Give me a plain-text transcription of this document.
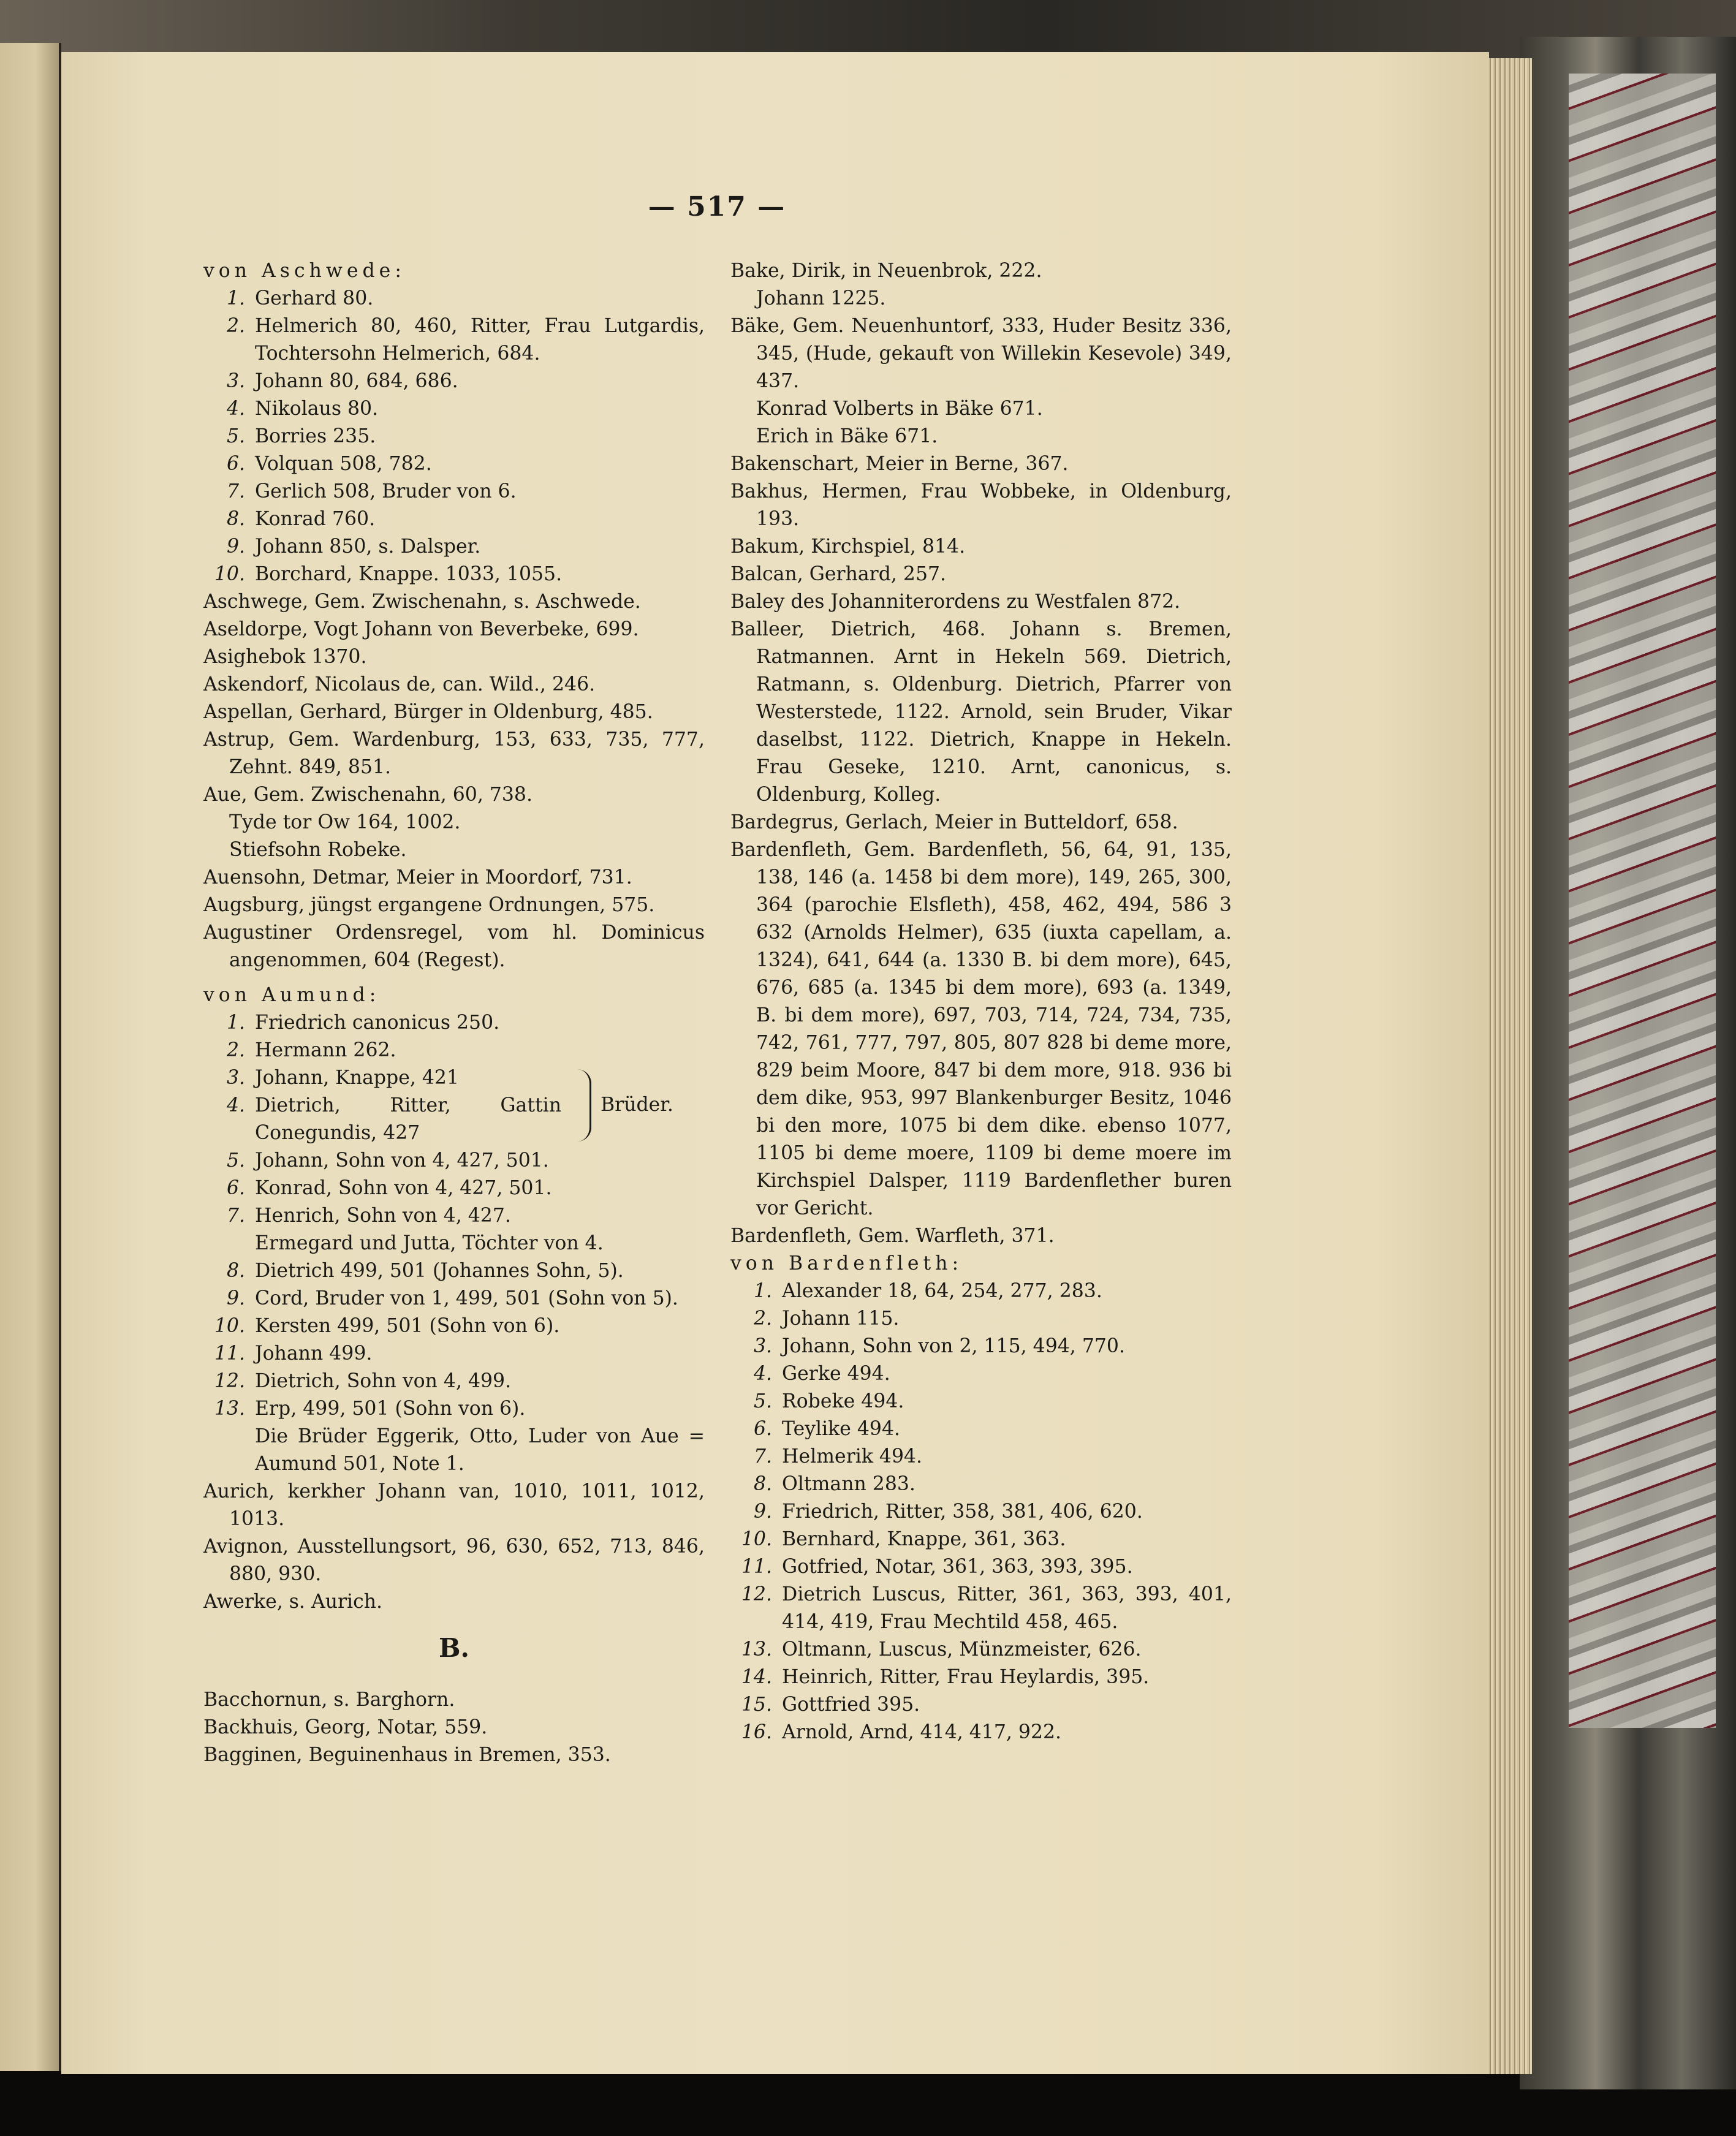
— 517 —
von Aschwede:
1. Gerhard 80.
2. Helmerich 80, 460, Ritter, Frau Lutgardis, Tochtersohn Helmerich, 684.
3. Johann 80, 684, 686.
4. Nikolaus 80.
5. Borries 235.
6. Volquan 508, 782.
7. Gerlich 508, Bruder von 6.
8. Konrad 760.
9. Johann 850, s. Dalsper.
10. Borchard, Knappe. 1033, 1055.
Aschwege, Gem. Zwischenahn, s. Aschwede.
Aseldorpe, Vogt Johann von Beverbeke, 699.
Asighebok 1370.
Askendorf, Nicolaus de, can. Wild., 246.
Aspellan, Gerhard, Bürger in Oldenburg, 485.
Astrup, Gem. Wardenburg, 153, 633, 735, 777, Zehnt. 849, 851.
Aue, Gem. Zwischenahn, 60, 738.
Tyde tor Ow 164, 1002.
Stiefsohn Robeke.
Auensohn, Detmar, Meier in Moordorf, 731.
Augsburg, jüngst ergangene Ordnungen, 575.
Augustiner Ordensregel, vom hl. Dominicus angenommen, 604 (Regest).
von Aumund:
1. Friedrich canonicus 250.
2. Hermann 262.
3. Johann, Knappe, 421
4. Dietrich, Ritter, Gattin Conegundis, 427
Brüder.
5. Johann, Sohn von 4, 427, 501.
6. Konrad, Sohn von 4, 427, 501.
7. Henrich, Sohn von 4, 427.
Ermegard und Jutta, Töchter von 4.
8. Dietrich 499, 501 (Johannes Sohn, 5).
9. Cord, Bruder von 1, 499, 501 (Sohn von 5).
10. Kersten 499, 501 (Sohn von 6).
11. Johann 499.
12. Dietrich, Sohn von 4, 499.
13. Erp, 499, 501 (Sohn von 6).
Die Brüder Eggerik, Otto, Luder von Aue = Aumund 501, Note 1.
Aurich, kerkher Johann van, 1010, 1011, 1012, 1013.
Avignon, Ausstellungsort, 96, 630, 652, 713, 846, 880, 930.
Awerke, s. Aurich.
B.
Bacchornun, s. Barghorn.
Backhuis, Georg, Notar, 559.
Bagginen, Beguinenhaus in Bremen, 353.
Bake, Dirik, in Neuenbrok, 222.
Johann 1225.
Bäke, Gem. Neuenhuntorf, 333, Huder Besitz 336, 345, (Hude, gekauft von Willekin Kesevole) 349, 437.
Konrad Volberts in Bäke 671.
Erich in Bäke 671.
Bakenschart, Meier in Berne, 367.
Bakhus, Hermen, Frau Wobbeke, in Oldenburg, 193.
Bakum, Kirchspiel, 814.
Balcan, Gerhard, 257.
Baley des Johanniterordens zu Westfalen 872.
Balleer, Dietrich, 468. Johann s. Bremen, Ratmannen. Arnt in Hekeln 569. Dietrich, Ratmann, s. Oldenburg. Dietrich, Pfarrer von Westerstede, 1122. Arnold, sein Bruder, Vikar daselbst, 1122. Dietrich, Knappe in Hekeln. Frau Geseke, 1210. Arnt, canonicus, s. Oldenburg, Kolleg.
Bardegrus, Gerlach, Meier in Butteldorf, 658.
Bardenfleth, Gem. Bardenfleth, 56, 64, 91, 135, 138, 146 (a. 1458 bi dem more), 149, 265, 300, 364 (parochie Elsfleth), 458, 462, 494, 586 3 632 (Arnolds Helmer), 635 (iuxta capellam, a. 1324), 641, 644 (a. 1330 B. bi dem more), 645, 676, 685 (a. 1345 bi dem more), 693 (a. 1349, B. bi dem more), 697, 703, 714, 724, 734, 735, 742, 761, 777, 797, 805, 807 828 bi deme more, 829 beim Moore, 847 bi dem more, 918. 936 bi dem dike, 953, 997 Blankenburger Besitz, 1046 bi den more, 1075 bi dem dike. ebenso 1077, 1105 bi deme moere, 1109 bi deme moere im Kirchspiel Dalsper, 1119 Bardenflether buren vor Gericht.
Bardenfleth, Gem. Warfleth, 371.
von Bardenfleth:
1. Alexander 18, 64, 254, 277, 283.
2. Johann 115.
3. Johann, Sohn von 2, 115, 494, 770.
4. Gerke 494.
5. Robeke 494.
6. Teylike 494.
7. Helmerik 494.
8. Oltmann 283.
9. Friedrich, Ritter, 358, 381, 406, 620.
10. Bernhard, Knappe, 361, 363.
11. Gotfried, Notar, 361, 363, 393, 395.
12. Dietrich Luscus, Ritter, 361, 363, 393, 401, 414, 419, Frau Mechtild 458, 465.
13. Oltmann, Luscus, Münzmeister, 626.
14. Heinrich, Ritter, Frau Heylardis, 395.
15. Gottfried 395.
16. Arnold, Arnd, 414, 417, 922.
